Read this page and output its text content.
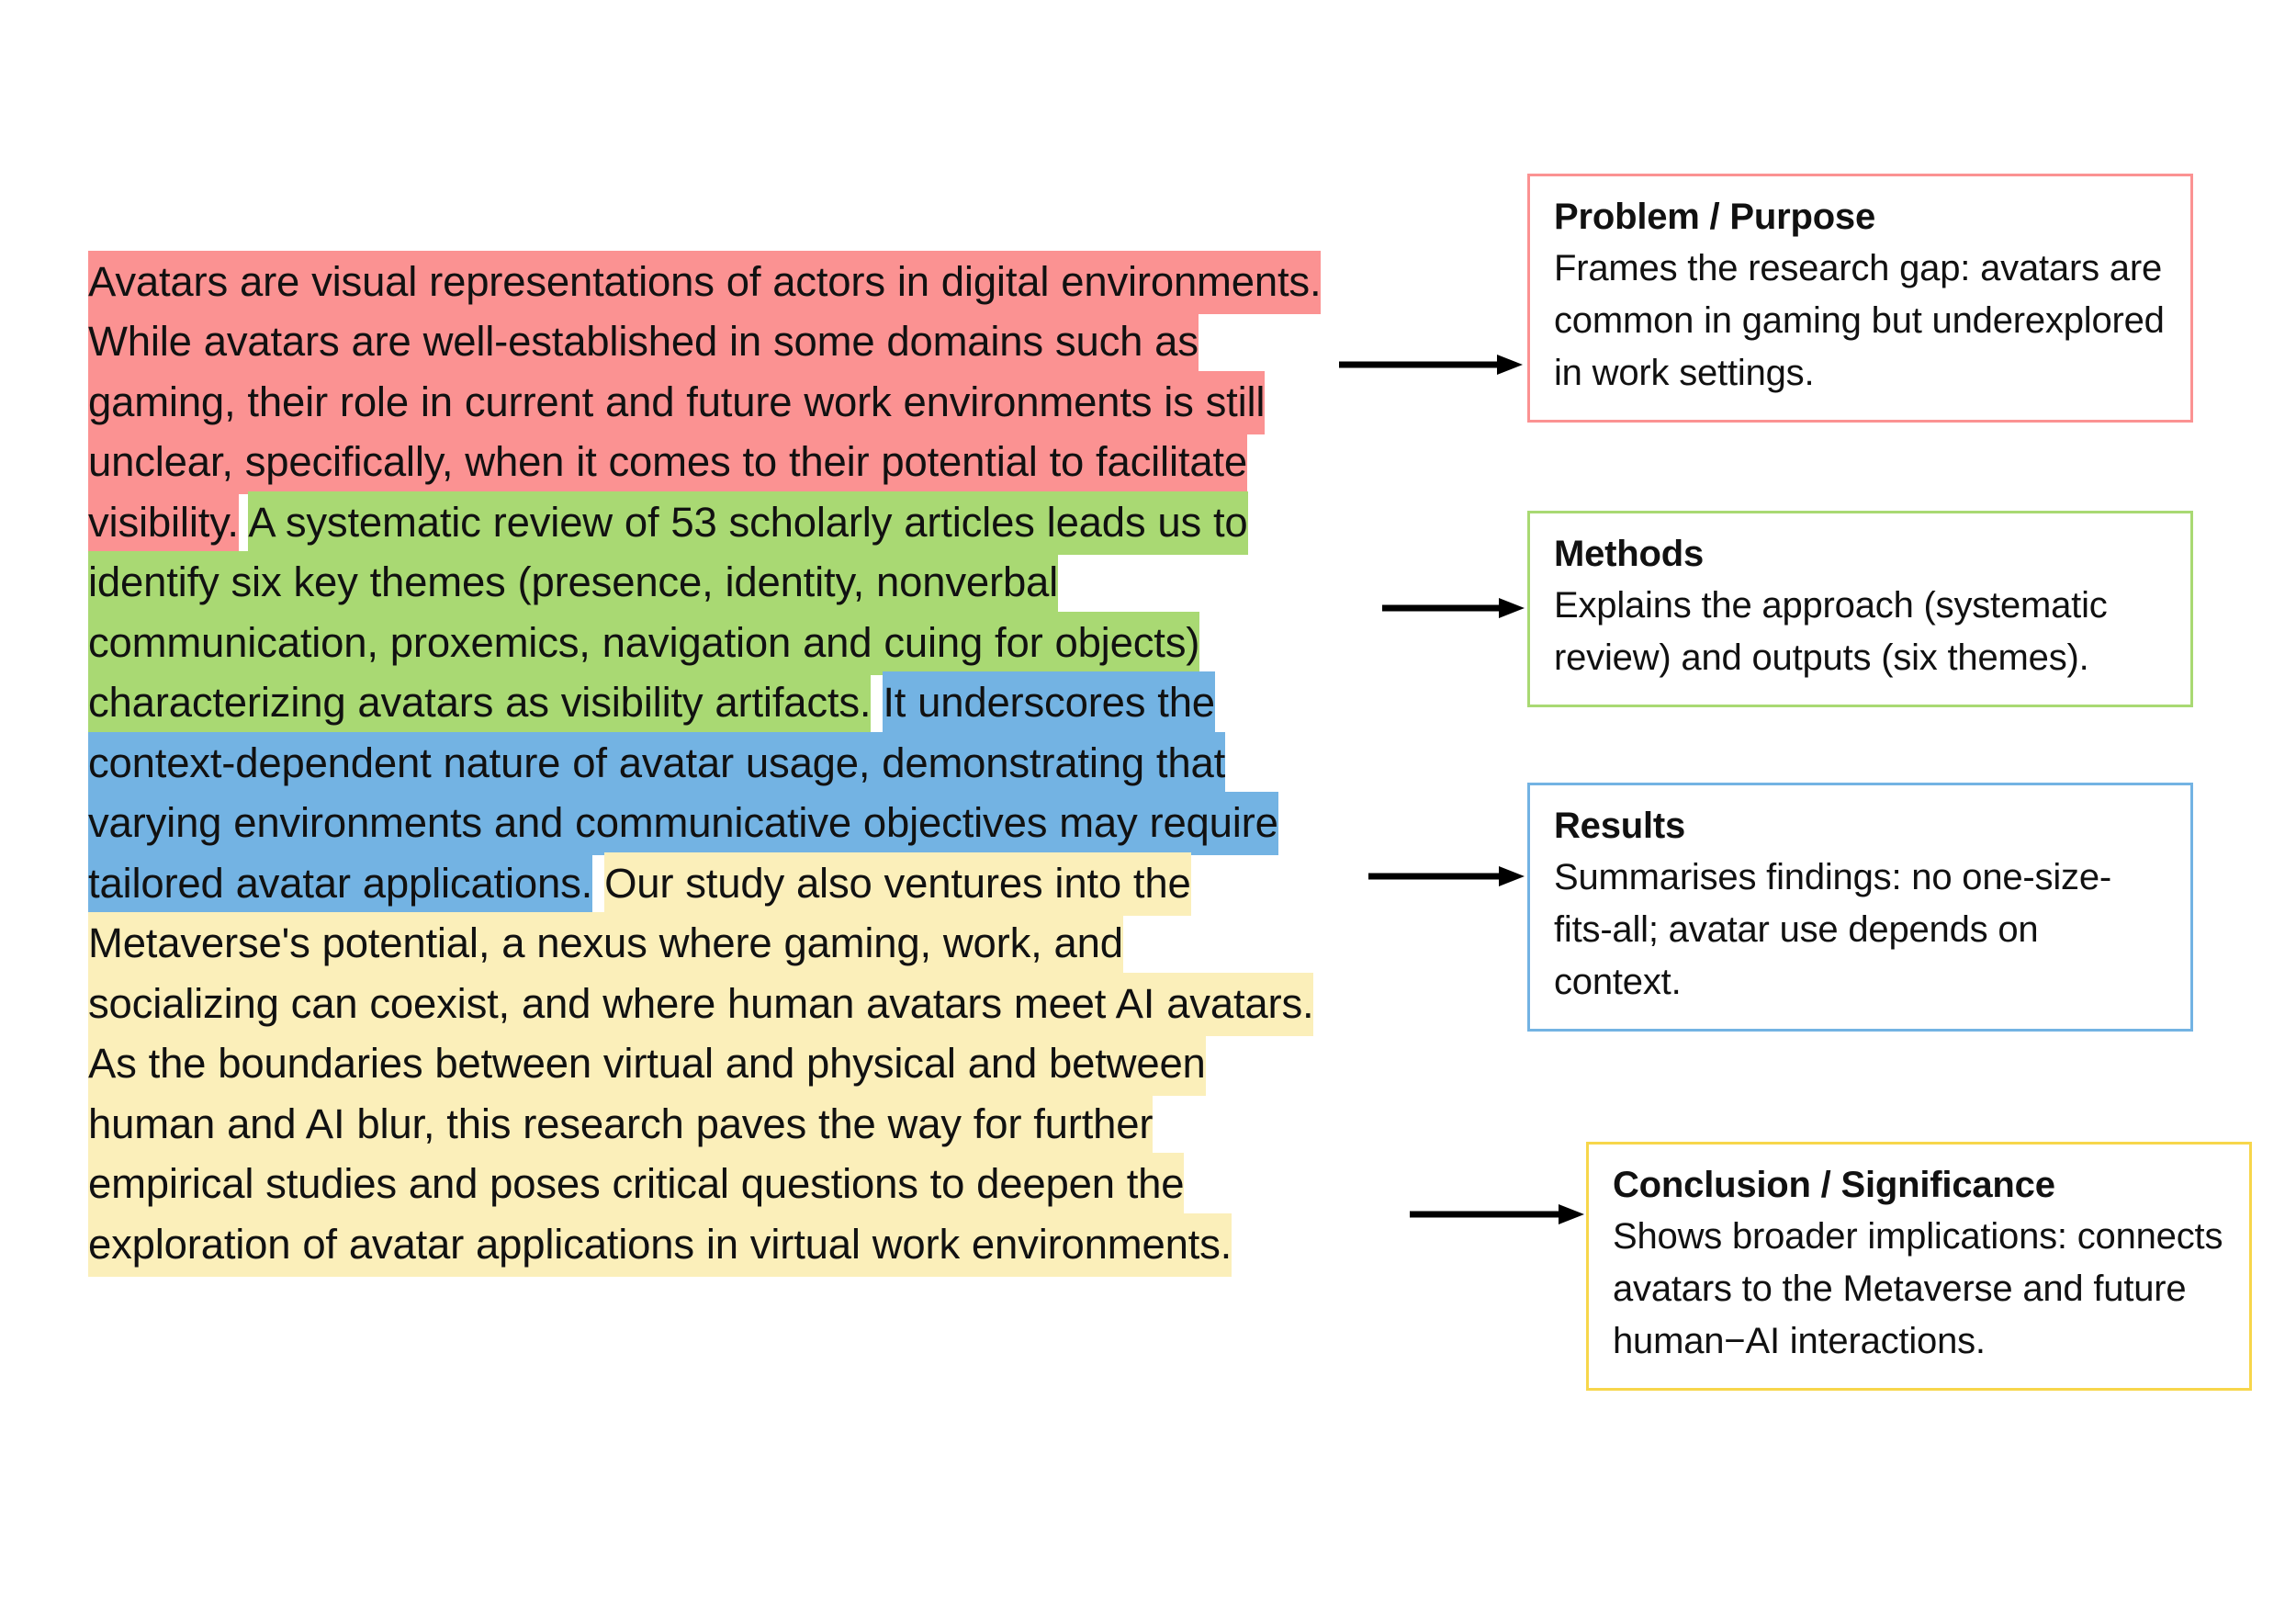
Avatars are visual representations of actors in digital environments. While avatars are well-established in some domains such as gaming, their role in current and future work environments is still unclear, specifically, when it comes to their potential to facilitate visibility. A systematic review of 53 scholarly articles leads us to identify six key themes (presence, identity, nonverbal communication, proxemics, navigation and cuing for objects) characterizing avatars as visibility artifacts. It underscores the context-dependent nature of avatar usage, demonstrating that varying environments and communicative objectives may require tailored avatar applications. Our study also ventures into the Metaverse's potential, a nexus where gaming, work, and socializing can coexist, and where human avatars meet AI avatars. As the boundaries between virtual and physical and between human and AI blur, this research paves the way for further empirical studies and poses critical questions to deepen the exploration of avatar applications in virtual work environments.

Problem / Purpose
Frames the research gap: avatars are common in gaming but underexplored in work settings.
Methods
Explains the approach (systematic review) and outputs (six themes).
Results
Summarises findings: no one-size-fits-all; avatar use depends on context.
Conclusion / Significance
Shows broader implications: connects avatars to the Metaverse and future human−AI interactions.
